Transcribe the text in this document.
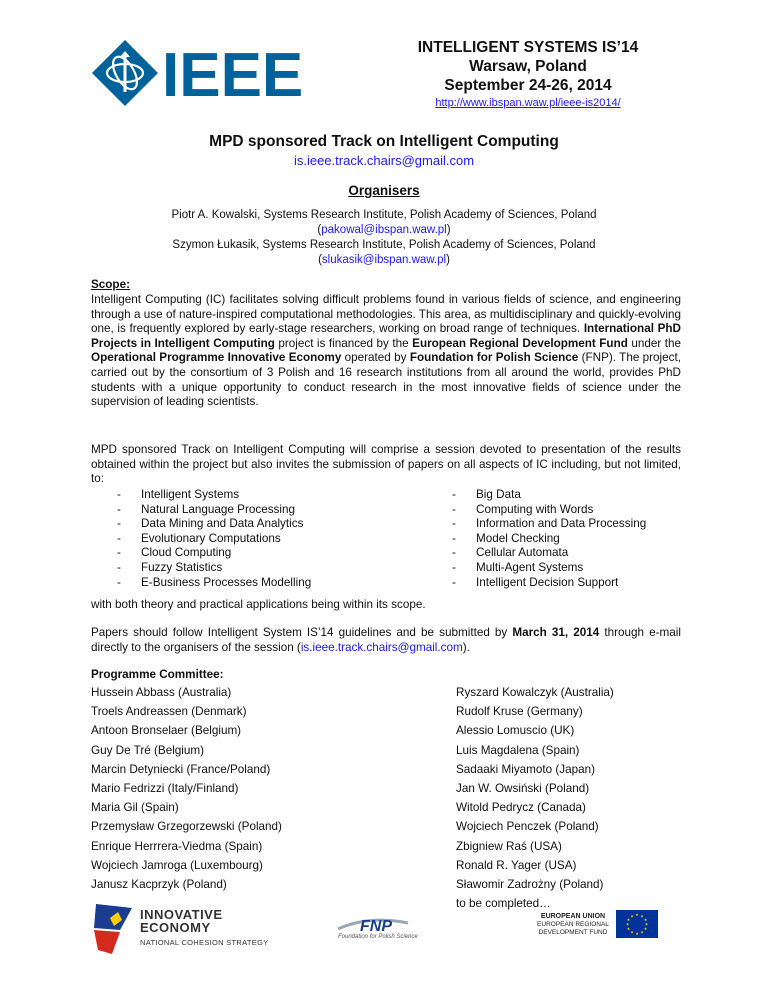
IEEE	INTELLIGENT SYSTEMS IS’14
Warsaw, Poland
September 24-26, 2014
http://www.ibspan.waw.pl/ieee-is2014/
MPD sponsored Track on Intelligent Computing
is.ieee.track.chairs@gmail.com
Organisers
Piotr A. Kowalski, Systems Research Institute, Polish Academy of Sciences, Poland
(pakowal@ibspan.waw.pl)
Szymon Łukasik, Systems Research Institute, Polish Academy of Sciences, Poland
(slukasik@ibspan.waw.pl)
Scope:
Intelligent Computing (IC) facilitates solving difficult problems found in various fields of science, and engineering through a use of nature-inspired computational methodologies. This area, as multidisciplinary and quickly-evolving one, is frequently explored by early-stage researchers, working on broad range of techniques. International PhD Projects in Intelligent Computing project is financed by the European Regional Development Fund under the Operational Programme Innovative Economy operated by Foundation for Polish Science (FNP). The project, carried out by the consortium of 3 Polish and 16 research institutions from all around the world, provides PhD students with a unique opportunity to conduct research in the most innovative fields of science under the supervision of leading scientists.
MPD sponsored Track on Intelligent Computing will comprise a session devoted to presentation of the results obtained within the project but also invites the submission of papers on all aspects of IC including, but not limited, to:
-	Intelligent Systems
-	Natural Language Processing
-	Data Mining and Data Analytics
-	Evolutionary Computations
-	Cloud Computing
-	Fuzzy Statistics
-	E-Business Processes Modelling
-	Big Data
-	Computing with Words
-	Information and Data Processing
-	Model Checking
-	Cellular Automata
-	Multi-Agent Systems
-	Intelligent Decision Support
with both theory and practical applications being within its scope.
Papers should follow Intelligent System IS’14 guidelines and be submitted by March 31, 2014 through e-mail directly to the organisers of the session (is.ieee.track.chairs@gmail.com).
Programme Committee:
Hussein Abbass (Australia)
Troels Andreassen (Denmark)
Antoon Bronselaer (Belgium)
Guy De Tré (Belgium)
Marcin Detyniecki (France/Poland)
Mario Fedrizzi (Italy/Finland)
Maria Gil (Spain)
Przemysław Grzegorzewski (Poland)
Enrique Herrrera-Viedma (Spain)
Wojciech Jamroga (Luxembourg)
Janusz Kacprzyk (Poland)
Ryszard Kowalczyk (Australia)
Rudolf Kruse (Germany)
Alessio Lomuscio (UK)
Luis Magdalena (Spain)
Sadaaki Miyamoto (Japan)
Jan W. Owsiński (Poland)
Witold Pedrycz (Canada)
Wojciech Penczek (Poland)
Zbigniew Raś (USA)
Ronald R. Yager (USA)
Sławomir Zadrożny (Poland)
to be completed…
INNOVATIVE
ECONOMY
NATIONAL COHESION STRATEGY
FNP
Foundation for Polish Science
EUROPEAN UNION
EUROPEAN REGIONAL
DEVELOPMENT FUND
★ ★
★
★
★
★
★
★
★
★
★
★
